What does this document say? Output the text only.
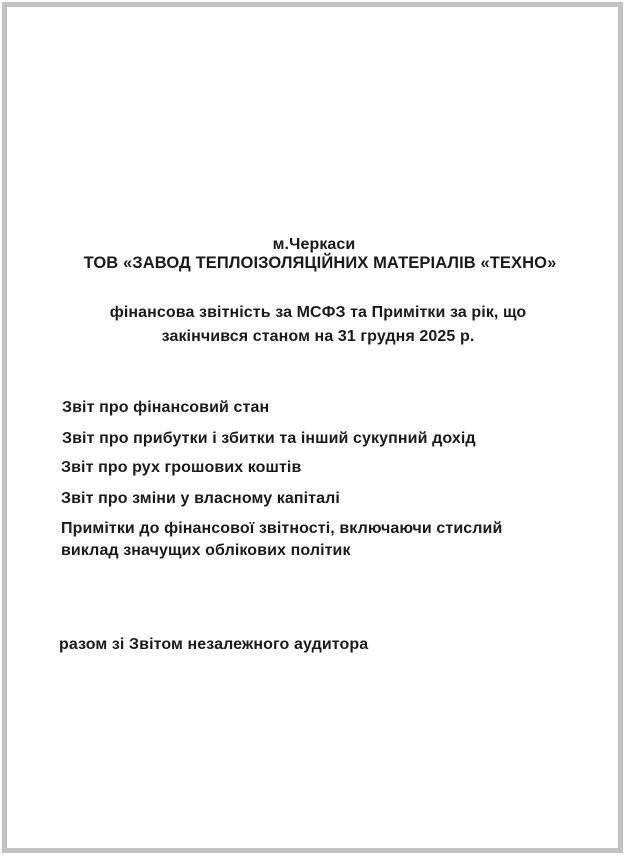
м.Черкаси
ТОВ «ЗАВОД ТЕПЛОІЗОЛЯЦІЙНИХ МАТЕРІАЛІВ «ТЕХНО»
фінансова звітність за МСФЗ та Примітки за рік, що
закінчився станом на 31 грудня 2025 р.
Звіт про фінансовий стан
Звіт про прибутки і збитки та інший сукупний дохід
Звіт про рух грошових коштів
Звіт про зміни у власному капіталі
Примітки до фінансової звітності, включаючи стислий
виклад значущих облікових політик
разом зі Звітом незалежного аудитора
